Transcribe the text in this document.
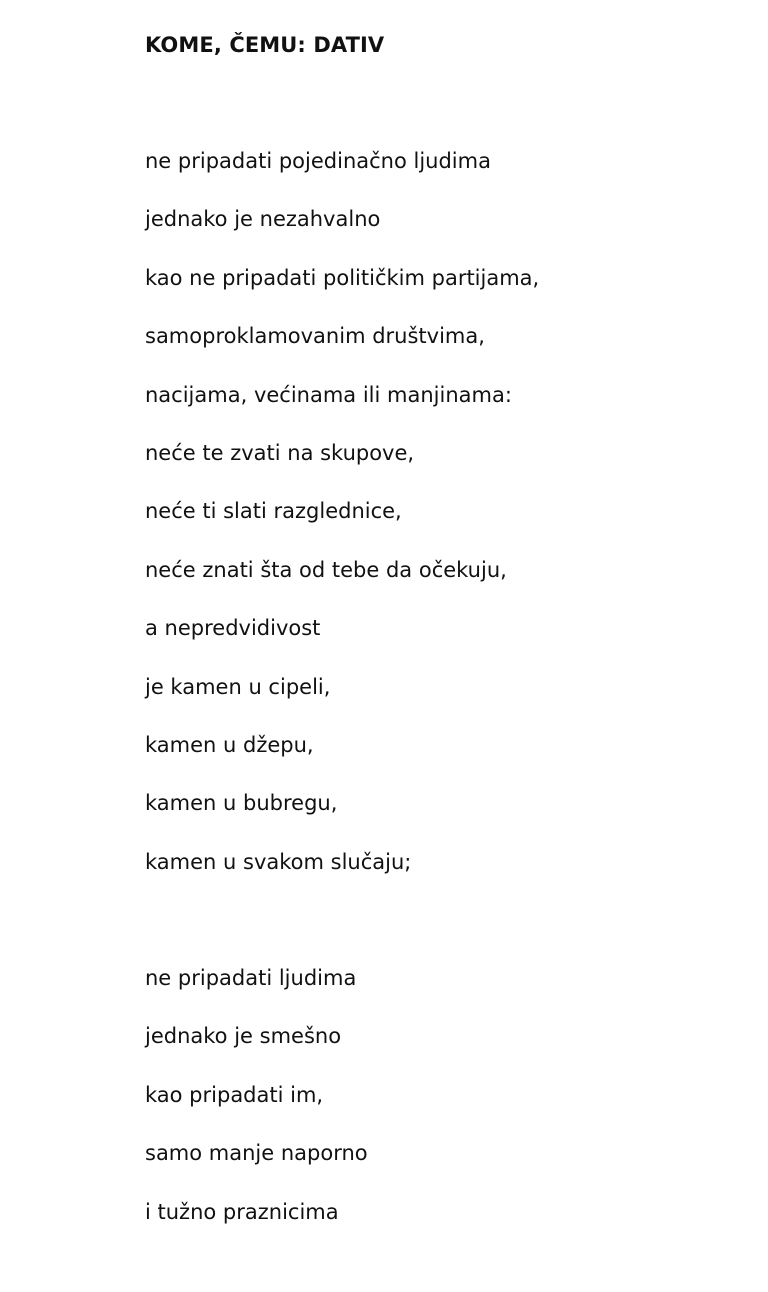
KOME, ČEMU: DATIV
ne pripadati pojedinačno ljudima
jednako je nezahvalno
kao ne pripadati političkim partijama,
samoproklamovanim društvima,
nacijama, većinama ili manjinama:
neće te zvati na skupove,
neće ti slati razglednice,
neće znati šta od tebe da očekuju,
a nepredvidivost
je kamen u cipeli,
kamen u džepu,
kamen u bubregu,
kamen u svakom slučaju;
ne pripadati ljudima
jednako je smešno
kao pripadati im,
samo manje naporno
i tužno praznicima
